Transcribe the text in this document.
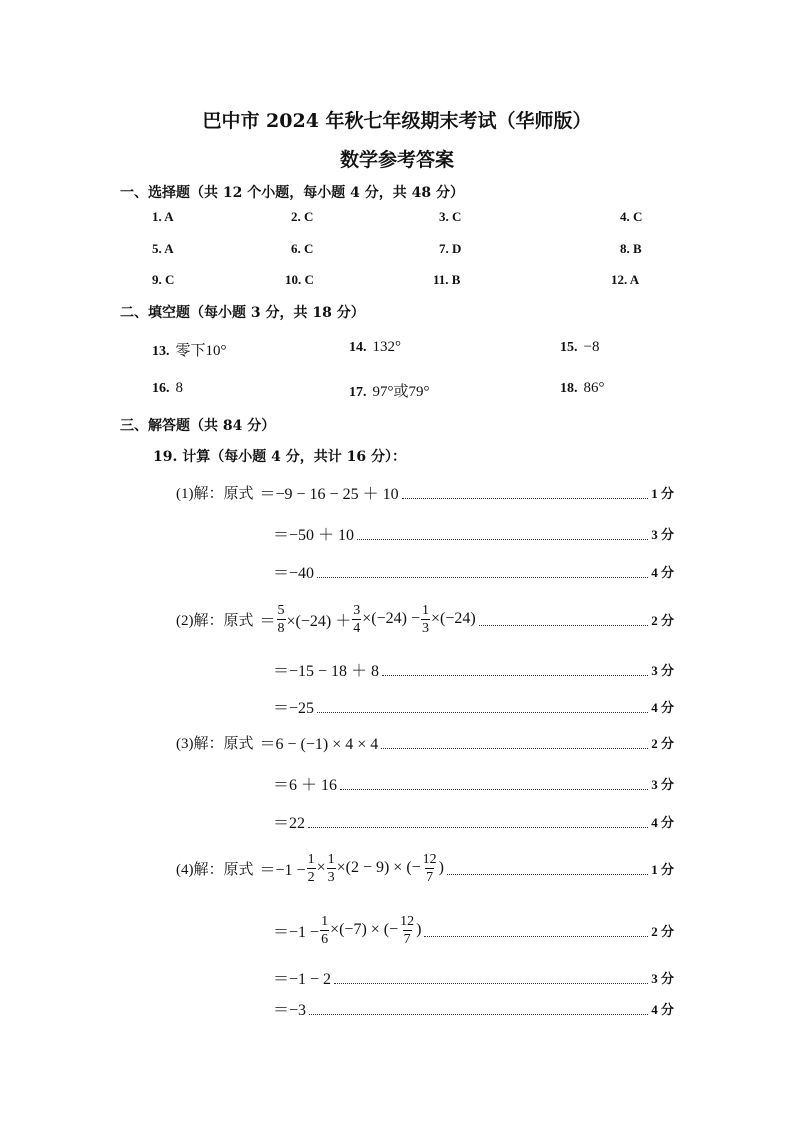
巴中市 2024 年秋七年级期末考试（华师版）
数学参考答案
一、选择题（共 12 个小题，每小题 4 分，共 48 分）
1. A	2. C	3. C	4. C
5. A	6. C	7. D	8. B
9. C	10. C	11. B	12. A
二、填空题（每小题 3 分，共 18 分）
13. 零下10°	14. 132°	15. −8
16. 8	17. 97°或79°	18. 86°
三、解答题（共 84 分）
19. 计算（每小题 4 分，共计 16 分）：
(1)解：原式 ＝−9 − 16 − 25 ＋ 10	1 分
＝−50 ＋ 10	3 分
＝−40	4 分
(2)解：原式 ＝ $\frac{5}{8} \times(-24) + \frac{3}{4} \times(-24) - \frac{1}{3} \times(-24)$	2 分
＝−15 − 18 ＋ 8	3 分
＝−25	4 分
(3)解：原式 ＝6 − (−1) × 4 × 4	2 分
＝6 ＋ 16	3 分
＝22	4 分
(4)解：原式 $=-1 - \frac{1}{2} \times \frac{1}{3} \times(2 - 9)$ × (− $\frac{12}{7}$ )	1 分
$=-1 - \frac{1}{6} \times(-7)$ × (− $\frac{12}{7}$ )	2 分
＝−1 − 2	3 分
＝−3	4 分
